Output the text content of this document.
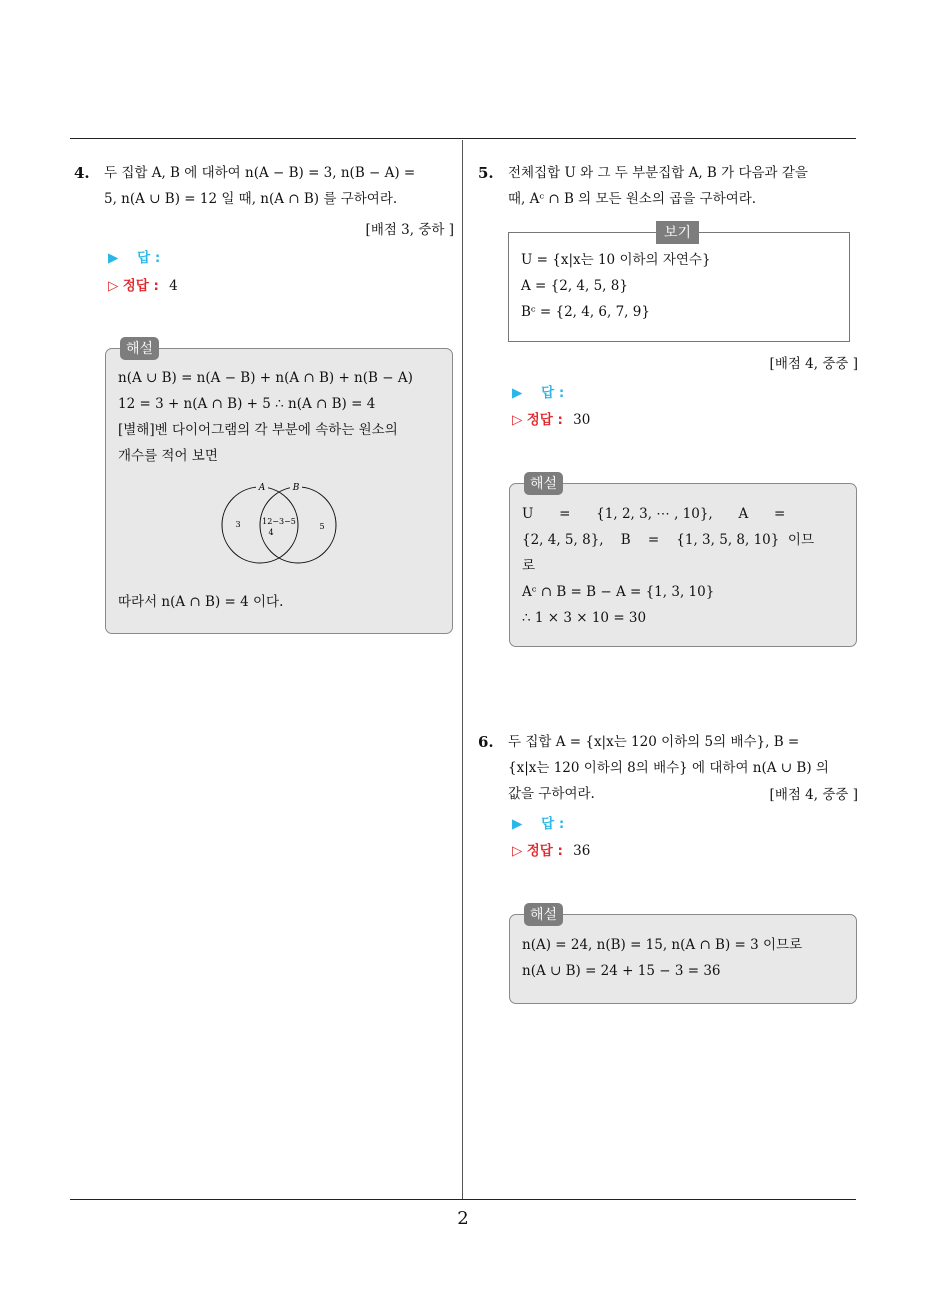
4. 두 집합 A, B 에 대하여 n(A − B) = 3, n(B − A) =
5, n(A ∪ B) = 12 일 때, n(A ∩ B) 를 구하여라.
[배점 3, 중하 ]
▶ 답 :
▷ 정답 : 4
n(A ∪ B) = n(A − B) + n(A ∩ B) + n(B − A)
12 = 3 + n(A ∩ B) + 5 ∴ n(A ∩ B) = 4
[별해]벤 다이어그램의 각 부분에 속하는 원소의
개수를 적어 보면
A	B
3	12−3−5
4
5
따라서 n(A ∩ B) = 4 이다.
해설
5. 전체집합 U 와 그 두 부분집합 A, B 가 다음과 같을
때, Aᶜ ∩ B 의 모든 원소의 곱을 구하여라.
U = {x|x는 10 이하의 자연수}
A = {2, 4, 5, 8}
Bᶜ = {2, 4, 6, 7, 9}
보기
[배점 4, 중중 ]
▶ 답 :
▷ 정답 : 30
U      =      {1, 2, 3, ⋯ , 10},      A      =
{2, 4, 5, 8},    B    =    {1, 3, 5, 8, 10}  이므
로
Aᶜ ∩ B = B − A = {1, 3, 10}
∴ 1 × 3 × 10 = 30
해설
6. 두 집합 A = {x|x는 120 이하의 5의 배수}, B =
{x|x는 120 이하의 8의 배수} 에 대하여 n(A ∪ B) 의
값을 구하여라.	[배점 4, 중중 ]
▶ 답 :
▷ 정답 : 36
n(A) = 24, n(B) = 15, n(A ∩ B) = 3 이므로
n(A ∪ B) = 24 + 15 − 3 = 36
해설
2
